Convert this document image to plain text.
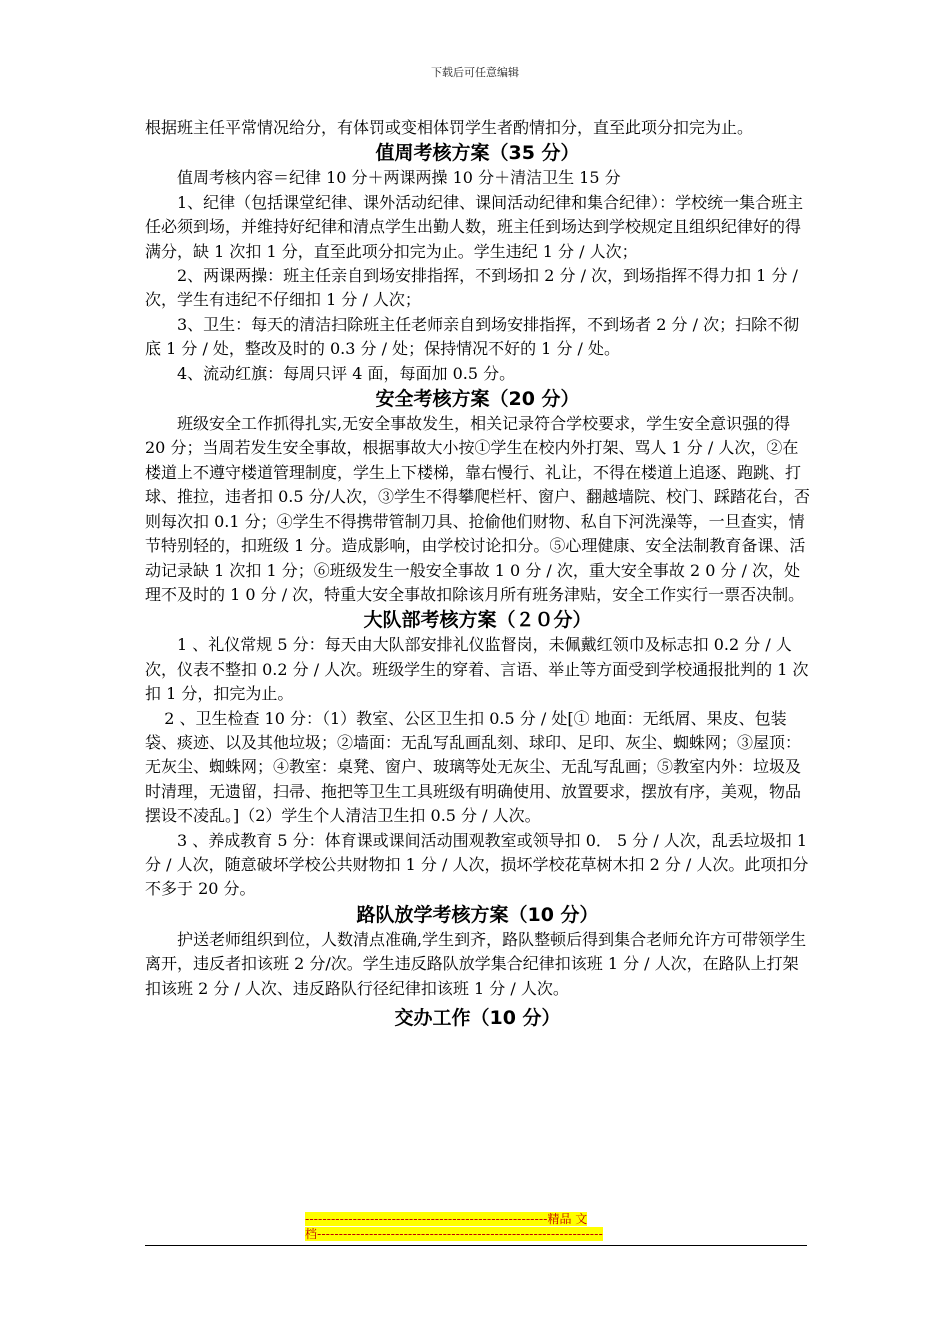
下载后可任意编辑

根据班主任平常情况给分，有体罚或变相体罚学生者酌情扣分，直至此项分扣完为止。

值周考核方案（35 分）

值周考核内容＝纪律 10 分＋两课两操 10 分＋清洁卫生 15 分

1、纪律（包括课堂纪律、课外活动纪律、课间活动纪律和集合纪律）：学校统一集合班主任必须到场，并维持好纪律和清点学生出勤人数，班主任到场达到学校规定且组织纪律好的得满分，缺 1 次扣 1 分，直至此项分扣完为止。学生违纪 1 分 / 人次；

2、两课两操：班主任亲自到场安排指挥，不到场扣 2 分 / 次，到场指挥不得力扣 1 分 / 次，学生有违纪不仔细扣 1 分 / 人次；

3、卫生：每天的清洁扫除班主任老师亲自到场安排指挥，不到场者 2 分 / 次；扫除不彻底 1 分 / 处，整改及时的 0.3 分 / 处；保持情况不好的 1 分 / 处。

4、流动红旗：每周只评 4 面，每面加 0.5 分。

安全考核方案（20 分）

班级安全工作抓得扎实,无安全事故发生，相关记录符合学校要求，学生安全意识强的得 20 分；当周若发生安全事故，根据事故大小按①学生在校内外打架、骂人 1 分 / 人次，②在楼道上不遵守楼道管理制度，学生上下楼梯，靠右慢行、礼让，不得在楼道上追逐、跑跳、打球、推拉，违者扣 0.5 分/人次，③学生不得攀爬栏杆、窗户、翻越墙院、校门、踩踏花台，否则每次扣 0.1 分；④学生不得携带管制刀具、抢偷他们财物、私自下河洗澡等，一旦查实，情节特别轻的，扣班级 1 分。造成影响，由学校讨论扣分。⑤心理健康、安全法制教育备课、活动记录缺 1 次扣 1 分；⑥班级发生一般安全事故 1 0 分 / 次，重大安全事故 2 0 分 / 次，处理不及时的 1 0 分 / 次，特重大安全事故扣除该月所有班务津贴，安全工作实行一票否决制。

大队部考核方案（２０分）

1 、礼仪常规 5 分：每天由大队部安排礼仪监督岗，未佩戴红领巾及标志扣 0.2 分 / 人次，仪表不整扣 0.2 分 / 人次。班级学生的穿着、言语、举止等方面受到学校通报批判的 1 次扣 1 分，扣完为止。

2 、卫生检查 10 分：（1）教室、公区卫生扣 0.5 分 / 处[① 地面：无纸屑、果皮、包装袋、痰迹、以及其他垃圾；②墙面：无乱写乱画乱刻、球印、足印、灰尘、蜘蛛网；③屋顶：无灰尘、蜘蛛网；④教室：桌凳、窗户、玻璃等处无灰尘、无乱写乱画；⑤教室内外：垃圾及时清理，无遗留，扫帚、拖把等卫生工具班级有明确使用、放置要求，摆放有序，美观，物品摆设不凌乱。]（2）学生个人清洁卫生扣 0.5 分 / 人次。

3 、养成教育 5 分：体育课或课间活动围观教室或领导扣 0． 5 分 / 人次，乱丢垃圾扣 1 分 / 人次，随意破坏学校公共财物扣 1 分 / 人次，损坏学校花草树木扣 2 分 / 人次。此项扣分不多于 20 分。

路队放学考核方案（10 分）

护送老师组织到位，人数清点准确,学生到齐，路队整顿后得到集合老师允许方可带领学生离开，违反者扣该班 2 分/次。学生违反路队放学集合纪律扣该班 1 分 / 人次，在路队上打架扣该班 2 分 / 人次、违反路队行径纪律扣该班 1 分 / 人次。

交办工作（10 分）
--------------------------------------------------------精品 文
档------------------------------------------------------------------
